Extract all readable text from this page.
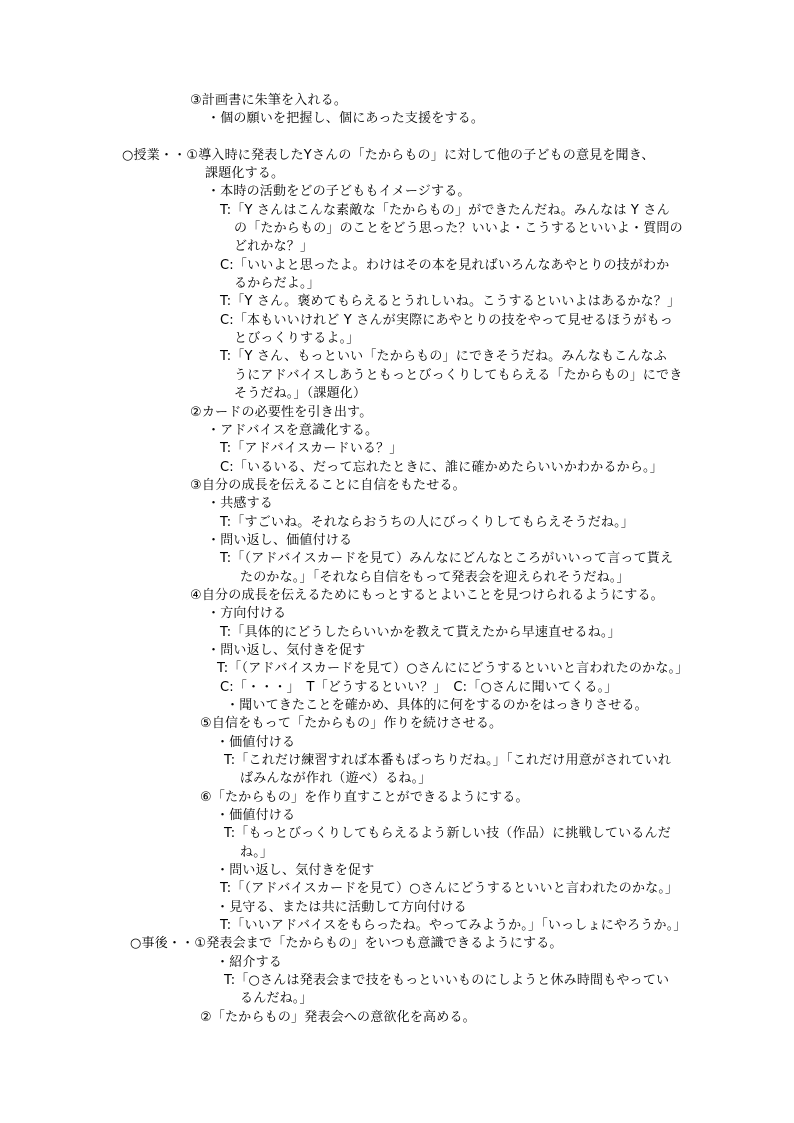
③計画書に朱筆を入れる。
・個の願いを把握し、個にあった支援をする。
○授業・・①導入時に発表したYさんの「たからもの」に対して他の子どもの意見を聞き、
課題化する。
・本時の活動をどの子どももイメージする。
T:「Y さんはこんな素敵な「たからもの」ができたんだね。みんなは Y さん
の「たからもの」のことをどう思った？いいよ・こうするといいよ・質問の
どれかな？」
C:「いいよと思ったよ。わけはその本を見ればいろんなあやとりの技がわか
るからだよ。」
T:「Y さん。褒めてもらえるとうれしいね。こうするといいよはあるかな？」
C:「本もいいけれど Y さんが実際にあやとりの技をやって見せるほうがもっ
とびっくりするよ。」
T:「Y さん、もっといい「たからもの」にできそうだね。みんなもこんなふ
うにアドバイスしあうともっとびっくりしてもらえる「たからもの」にでき
そうだね。」（課題化）
②カードの必要性を引き出す。
・アドバイスを意識化する。
T:「アドバイスカードいる？」
C:「いるいる、だって忘れたときに、誰に確かめたらいいかわかるから。」
③自分の成長を伝えることに自信をもたせる。
・共感する
T:「すごいね。それならおうちの人にびっくりしてもらえそうだね。」
・問い返し、価値付ける
T:「（アドバイスカードを見て）みんなにどんなところがいいって言って貰え
たのかな。」「それなら自信をもって発表会を迎えられそうだね。」
④自分の成長を伝えるためにもっとするとよいことを見つけられるようにする。
・方向付ける
T:「具体的にどうしたらいいかを教えて貰えたから早速直せるね。」
・問い返し、気付きを促す
T:「（アドバイスカードを見て）○さんににどうするといいと言われたのかな。」
C:「・・・」　T「どうするといい？」　C:「○さんに聞いてくる。」
・聞いてきたことを確かめ、具体的に何をするのかをはっきりさせる。
⑤自信をもって「たからもの」作りを続けさせる。
・価値付ける
T:「これだけ練習すれば本番もばっちりだね。」「これだけ用意がされていれ
ばみんなが作れ（遊べ）るね。」
⑥「たからもの」を作り直すことができるようにする。
・価値付ける
T:「もっとびっくりしてもらえるよう新しい技（作品）に挑戦しているんだ
ね。」
・問い返し、気付きを促す
T:「（アドバイスカードを見て）○さんにどうするといいと言われたのかな。」
・見守る、または共に活動して方向付ける
T:「いいアドバイスをもらったね。やってみようか。」「いっしょにやろうか。」
○事後・・①発表会まで「たからもの」をいつも意識できるようにする。
・紹介する
T:「○さんは発表会まで技をもっといいものにしようと休み時間もやってい
るんだね。」
②「たからもの」発表会への意欲化を高める。
